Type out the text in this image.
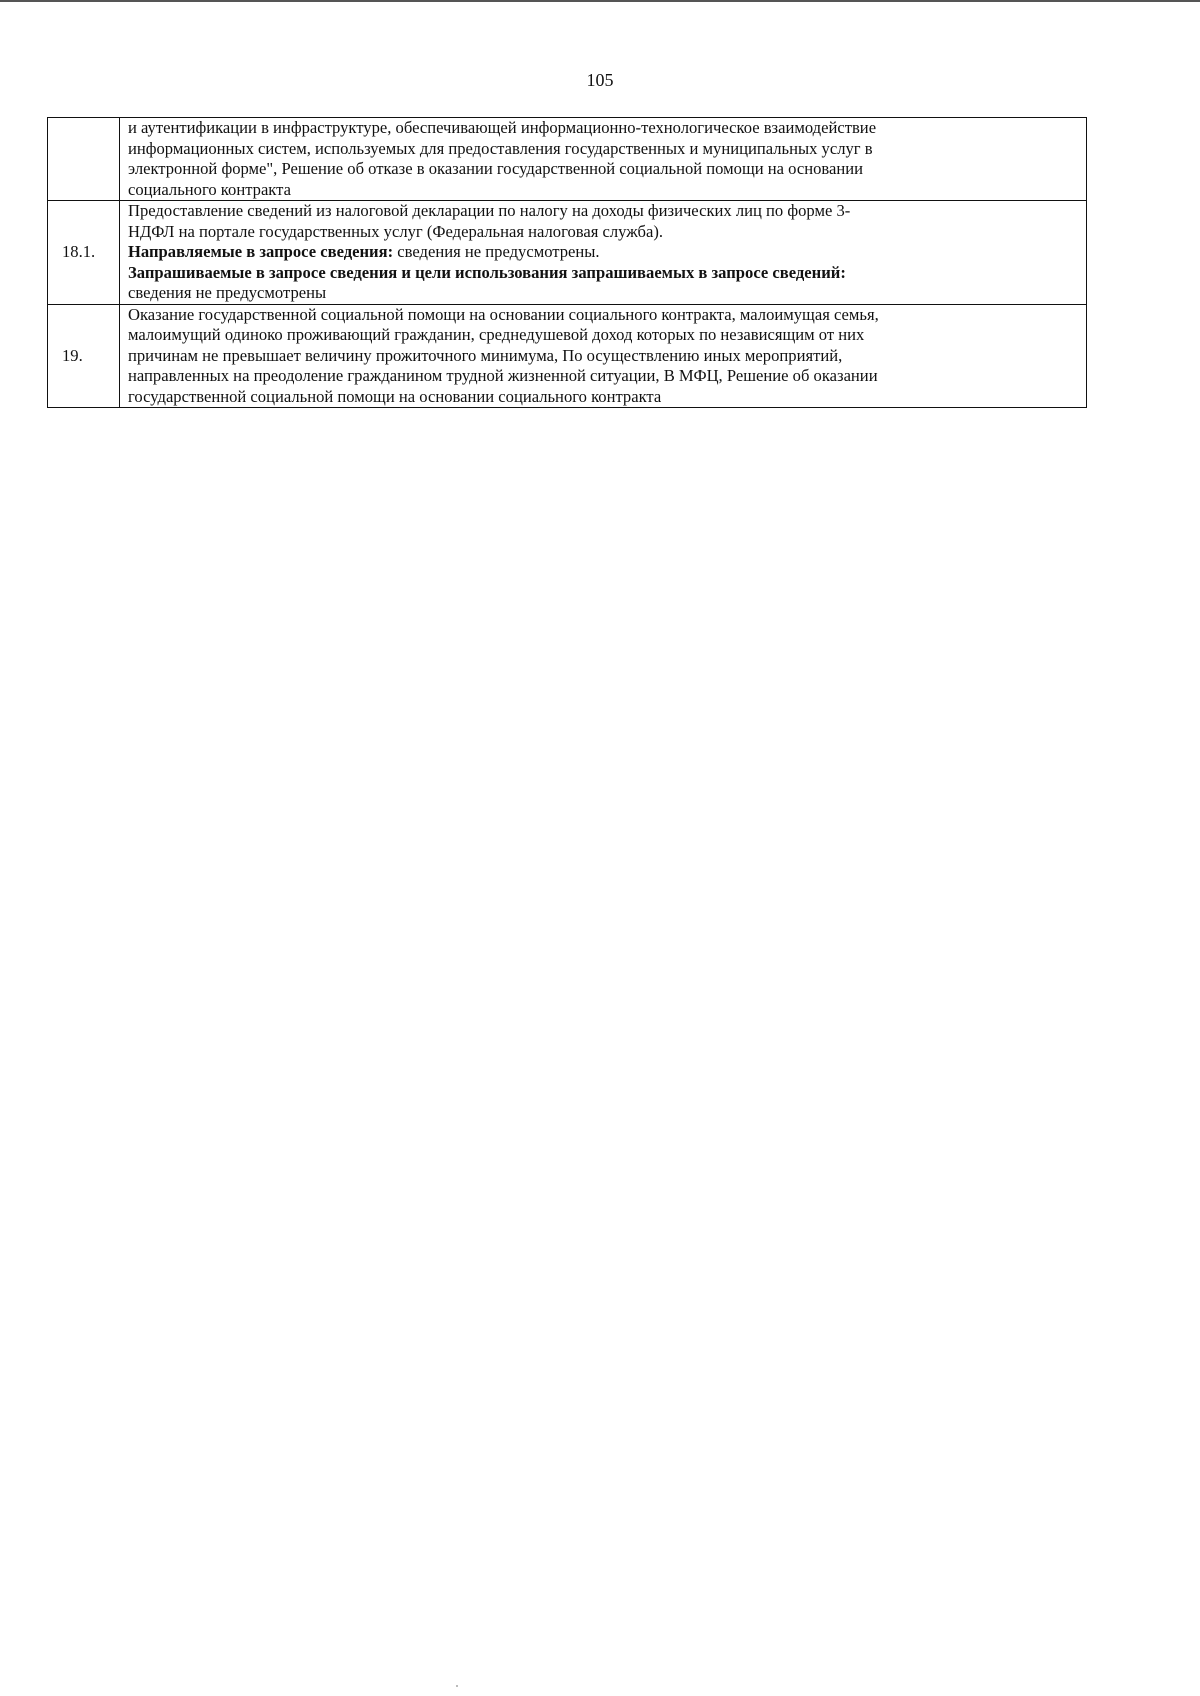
105

	и аутентификации в инфраструктуре, обеспечивающей информационно-технологическое взаимодействие
информационных систем, используемых для предоставления государственных и муниципальных услуг в
электронной форме", Решение об отказе в оказании государственной социальной помощи на основании
социального контракта

18.1.	Предоставление сведений из налоговой декларации по налогу на доходы физических лиц по форме 3-
НДФЛ на портале государственных услуг (Федеральная налоговая служба).
Направляемые в запросе сведения: сведения не предусмотрены.
Запрашиваемые в запросе сведения и цели использования запрашиваемых в запросе сведений:
сведения не предусмотрены

19.	Оказание государственной социальной помощи на основании социального контракта, малоимущая семья,
малоимущий одиноко проживающий гражданин, среднедушевой доход которых по независящим от них
причинам не превышает величину прожиточного минимума, По осуществлению иных мероприятий,
направленных на преодоление гражданином трудной жизненной ситуации, В МФЦ, Решение об оказании
государственной социальной помощи на основании социального контракта
